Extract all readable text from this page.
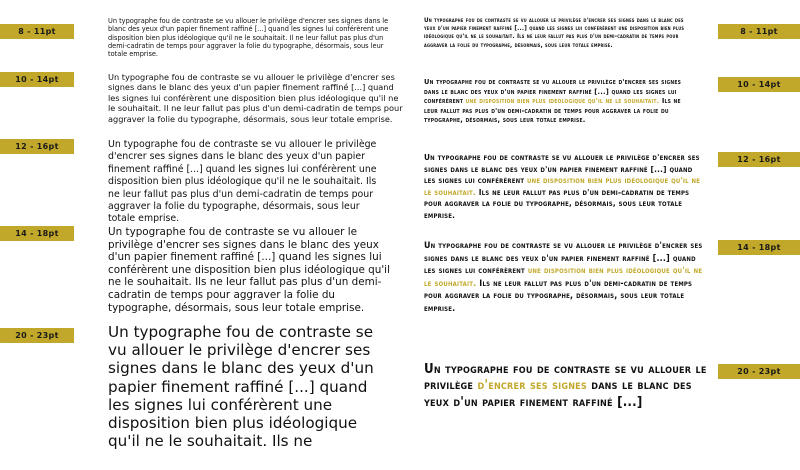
8 - 11pt
10 - 14pt
12 - 16pt
14 - 18pt
20 - 23pt
8 - 11pt
10 - 14pt
12 - 16pt
14 - 18pt
20 - 23pt

Un typographe fou de contraste se vu allouer le privilège d'encrer ses signes dans le blanc des yeux d'un papier finement raffiné [...] quand les signes lui conférèrent une disposition bien plus idéologique qu'il ne le souhaitait. Il ne leur fallut pas plus d'un demi-cadratin de temps pour aggraver la folie du typographe, désormais, sous leur totale emprise.

Un typographe fou de contraste se vu allouer le privilège d'encrer ses signes dans le blanc des yeux d'un papier finement raffiné [...] quand les signes lui conférèrent une disposition bien plus idéologique qu'il ne le souhaitait. Il ne leur fallut pas plus d'un demi-cadratin de temps pour aggraver la folie du typographe, désormais, sous leur totale emprise.

Un typographe fou de contraste se vu allouer le privilège d'encrer ses signes dans le blanc des yeux d'un papier finement raffiné [...] quand les signes lui conférèrent une disposition bien plus idéologique qu'il ne le souhaitait. Ils ne leur fallut pas plus d'un demi-cadratin de temps pour aggraver la folie du typographe, désormais, sous leur totale emprise.

Un typographe fou de contraste se vu allouer le privilège d'encrer ses signes dans le blanc des yeux d'un papier finement raffiné [...] quand les signes lui conférèrent une disposition bien plus idéologique qu'il ne le souhaitait. Ils ne leur fallut pas plus d'un demi-cadratin de temps pour aggraver la folie du typographe, désormais, sous leur totale emprise.

Un typographe fou de contraste se vu allouer le privilège d'encrer ses signes dans le blanc des yeux d'un papier finement raffiné [...] quand les signes lui conférèrent une disposition bien plus idéologique qu'il ne le souhaitait. Ils ne

Un typographe fou de contraste se vu allouer le privilège d'encrer ses signes dans le blanc des yeux d'un papier finement raffiné [...] quand les signes lui conférèrent une disposition bien plus idéologique qu'il ne le souhaitait. Ils ne leur fallut pas plus d'un demi-cadratin de temps pour aggraver la folie du typographe, désormais, sous leur totale emprise.

Un typographe fou de contraste se vu allouer le privilège d'encrer ses signes dans le blanc des yeux d'un papier finement raffiné [...] quand les signes lui conférèrent une disposition bien plus idéologique qu'il ne le souhaitait. Ils ne leur fallut pas plus d'un demi-cadratin de temps pour aggraver la folie du typographe, désormais, sous leur totale emprise.

Un typographe fou de contraste se vu allouer le privilège d'encrer ses signes dans le blanc des yeux d'un papier finement raffiné [...] quand les signes lui conférèrent une disposition bien plus idéologique qu'il ne le souhaitait. Ils ne leur fallut pas plus d'un demi-cadratin de temps pour aggraver la folie du typographe, désormais, sous leur totale emprise.

Un typographe fou de contraste se vu allouer le privilège d'encrer ses signes dans le blanc des yeux d'un papier finement raffiné [...] quand les signes lui conférèrent une disposition bien plus idéologique qu'il ne le souhaitait. Ils ne leur fallut pas plus d'un demi-cadratin de temps pour aggraver la folie du typographe, désormais, sous leur totale emprise.

Un typographe fou de contraste se vu allouer le privilège d'encrer ses signes dans le blanc des yeux d'un papier finement raffiné [...]
